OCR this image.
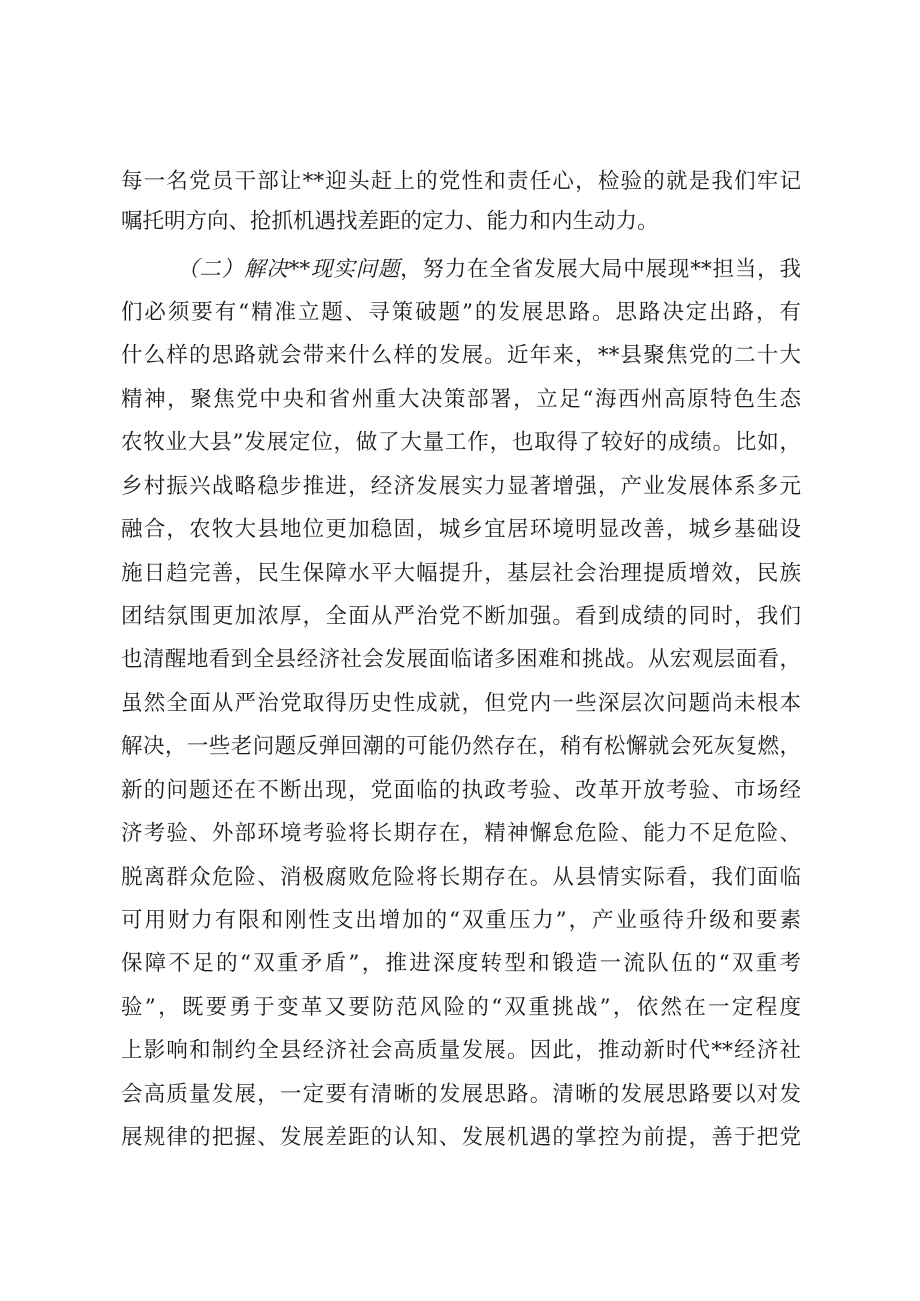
每一名党员干部让**迎头赶上的党性和责任心，检验的就是我们牢记
嘱托明方向、抢抓机遇找差距的定力、能力和内生动力。
（二）解决**现实问题，努力在全省发展大局中展现**担当，我
们必须要有“精准立题、寻策破题”的发展思路。思路决定出路，有
什么样的思路就会带来什么样的发展。近年来，**县聚焦党的二十大
精神，聚焦党中央和省州重大决策部署，立足“海西州高原特色生态
农牧业大县”发展定位，做了大量工作，也取得了较好的成绩。比如，
乡村振兴战略稳步推进，经济发展实力显著增强，产业发展体系多元
融合，农牧大县地位更加稳固，城乡宜居环境明显改善，城乡基础设
施日趋完善，民生保障水平大幅提升，基层社会治理提质增效，民族
团结氛围更加浓厚，全面从严治党不断加强。看到成绩的同时，我们
也清醒地看到全县经济社会发展面临诸多困难和挑战。从宏观层面看，
虽然全面从严治党取得历史性成就，但党内一些深层次问题尚未根本
解决，一些老问题反弹回潮的可能仍然存在，稍有松懈就会死灰复燃，
新的问题还在不断出现，党面临的执政考验、改革开放考验、市场经
济考验、外部环境考验将长期存在，精神懈怠危险、能力不足危险、
脱离群众危险、消极腐败危险将长期存在。从县情实际看，我们面临
可用财力有限和刚性支出增加的“双重压力”，产业亟待升级和要素
保障不足的“双重矛盾”，推进深度转型和锻造一流队伍的“双重考
验”，既要勇于变革又要防范风险的“双重挑战”，依然在一定程度
上影响和制约全县经济社会高质量发展。因此，推动新时代**经济社
会高质量发展，一定要有清晰的发展思路。清晰的发展思路要以对发
展规律的把握、发展差距的认知、发展机遇的掌控为前提，善于把党
